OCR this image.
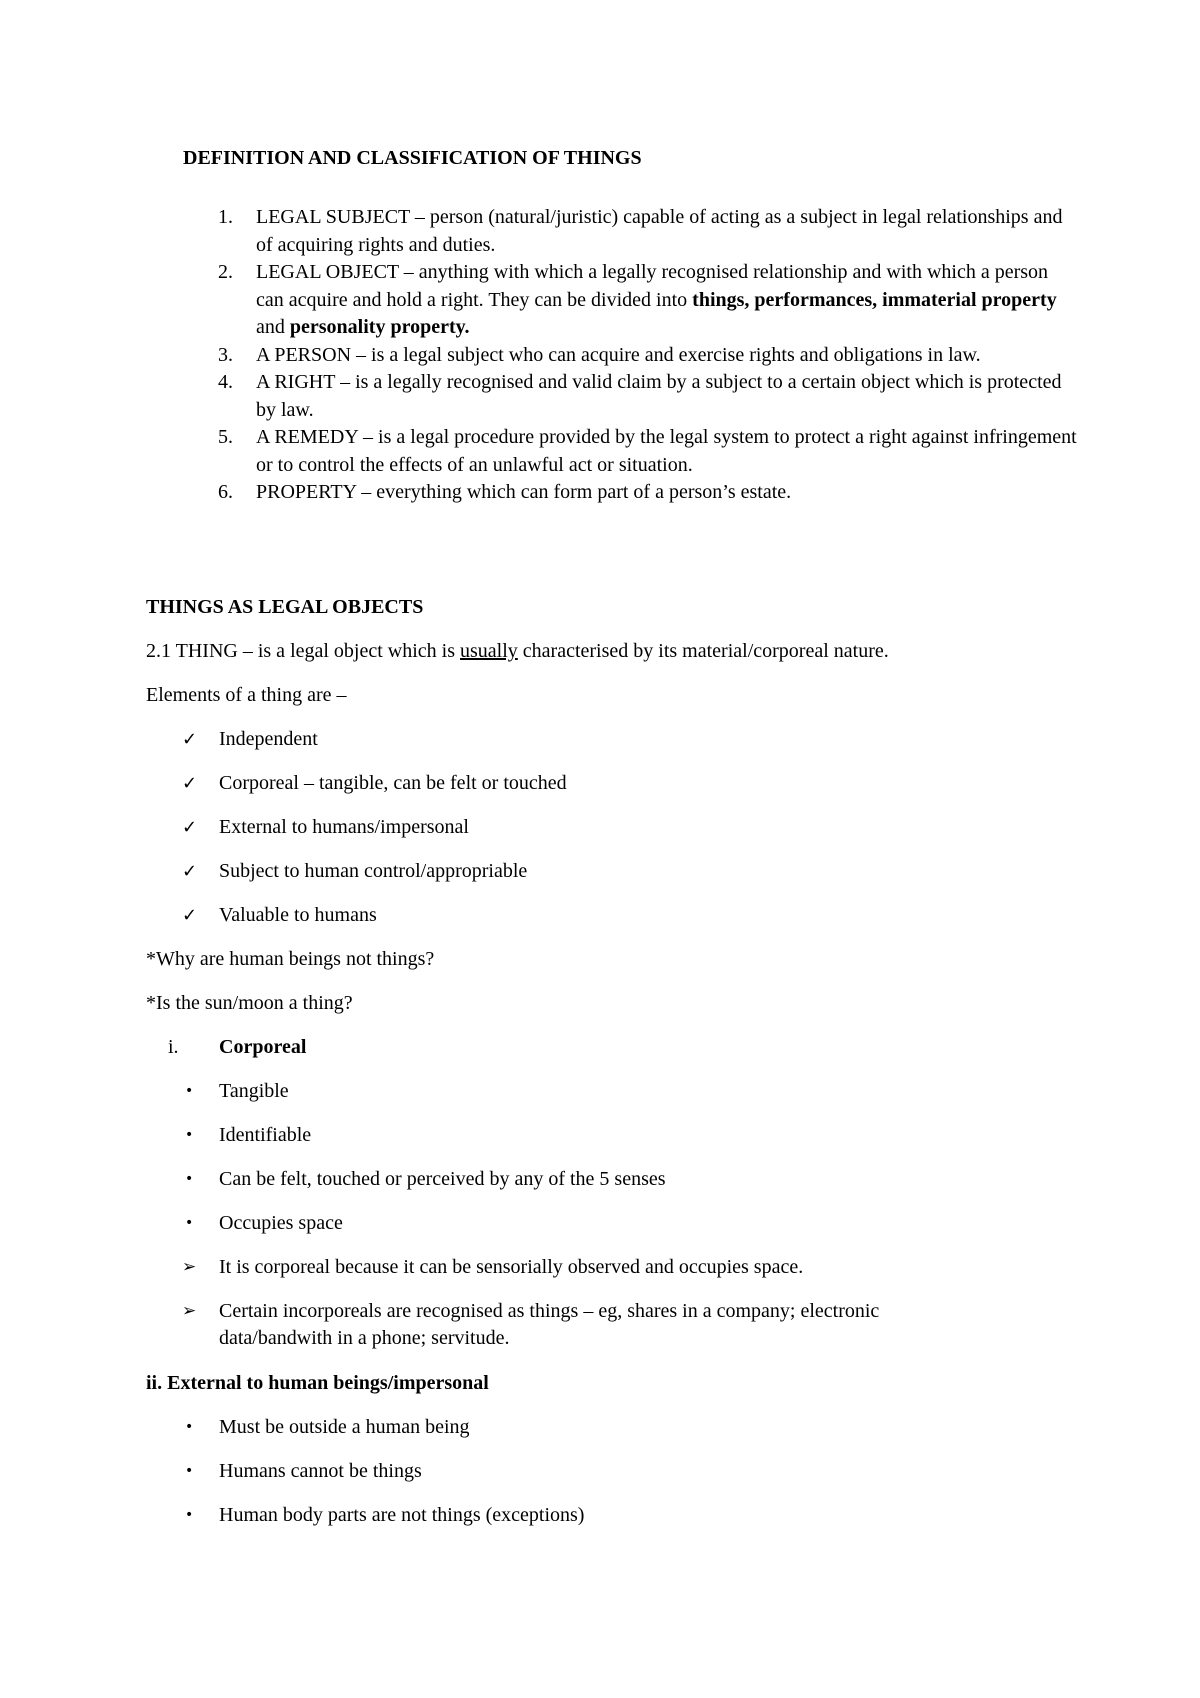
DEFINITION AND CLASSIFICATION OF THINGS
1. LEGAL SUBJECT – person (natural/juristic) capable of acting as a subject in legal relationships and of acquiring rights and duties.
2. LEGAL OBJECT – anything with which a legally recognised relationship and with which a person can acquire and hold a right. They can be divided into things, performances, immaterial property and personality property.
3. A PERSON – is a legal subject who can acquire and exercise rights and obligations in law.
4. A RIGHT – is a legally recognised and valid claim by a subject to a certain object which is protected by law.
5. A REMEDY – is a legal procedure provided by the legal system to protect a right against infringement or to control the effects of an unlawful act or situation.
6. PROPERTY – everything which can form part of a person’s estate.
THINGS AS LEGAL OBJECTS
2.1 THING – is a legal object which is usually characterised by its material/corporeal nature.
Elements of a thing are –
✓	Independent
✓	Corporeal – tangible, can be felt or touched
✓	External to humans/impersonal
✓	Subject to human control/appropriable
✓	Valuable to humans
*Why are human beings not things?
*Is the sun/moon a thing?
i.	Corporeal
•	Tangible
•	Identifiable
•	Can be felt, touched or perceived by any of the 5 senses
•	Occupies space
➢	It is corporeal because it can be sensorially observed and occupies space.
➢	Certain incorporeals are recognised as things – eg, shares in a company; electronic data/bandwith in a phone; servitude.
ii. External to human beings/impersonal
•	Must be outside a human being
•	Humans cannot be things
•	Human body parts are not things (exceptions)
